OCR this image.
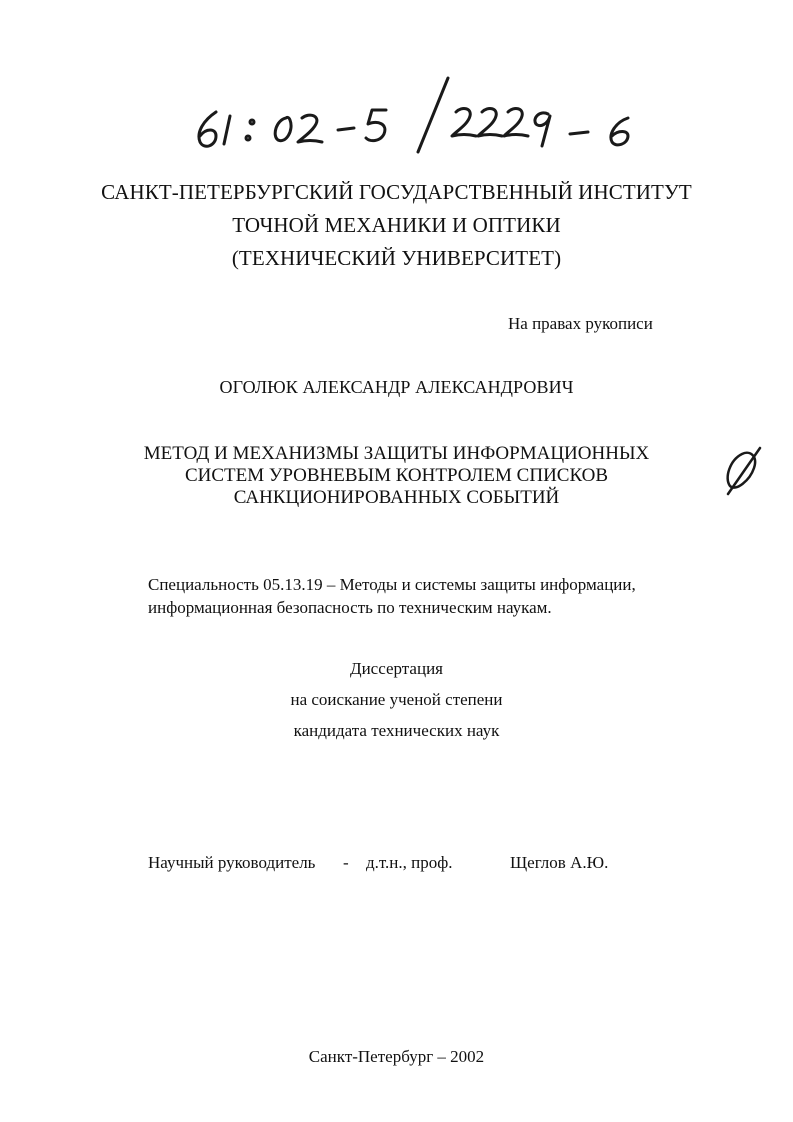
САНКТ-ПЕТЕРБУРГСКИЙ ГОСУДАРСТВЕННЫЙ ИНСТИТУТ
ТОЧНОЙ МЕХАНИКИ И ОПТИКИ
(ТЕХНИЧЕСКИЙ УНИВЕРСИТЕТ)
На правах рукописи
ОГОЛЮК АЛЕКСАНДР АЛЕКСАНДРОВИЧ
МЕТОД И МЕХАНИЗМЫ ЗАЩИТЫ ИНФОРМАЦИОННЫХ
СИСТЕМ УРОВНЕВЫМ КОНТРОЛЕМ СПИСКОВ
САНКЦИОНИРОВАННЫХ СОБЫТИЙ
Специальность 05.13.19 – Методы и системы защиты информации,
информационная безопасность по техническим наукам.
Диссертация
на соискание ученой степени
кандидата технических наук
Научный руководитель - д.т.н., проф.	Щеглов А.Ю.
Санкт-Петербург – 2002
